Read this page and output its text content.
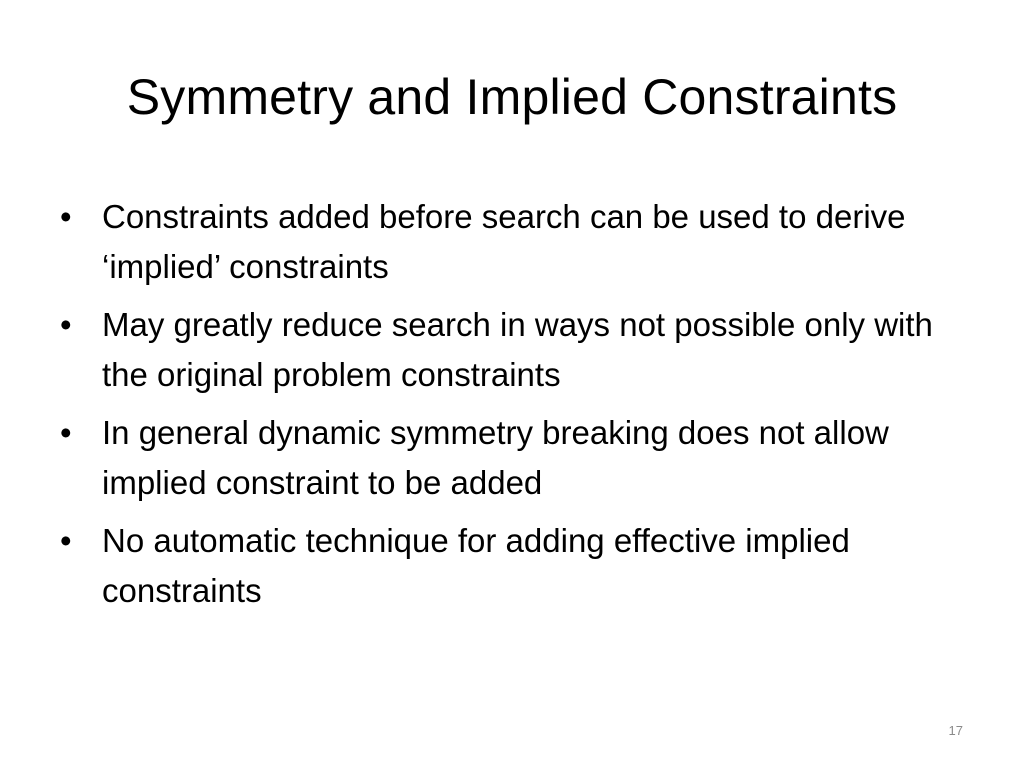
Symmetry and Implied Constraints
• Constraints added before search can be used to derive ‘implied’ constraints
• May greatly reduce search in ways not possible only with the original problem constraints
• In general dynamic symmetry breaking does not allow implied constraint to be added
• No automatic technique for adding effective implied constraints
17
